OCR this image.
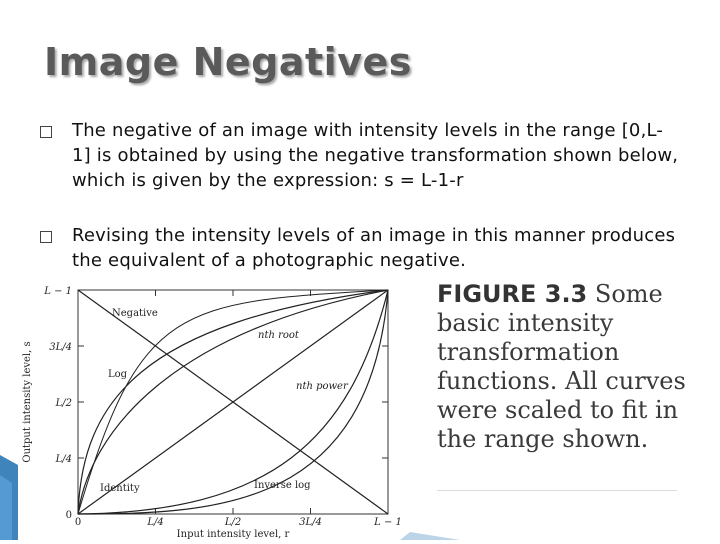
Image Negatives
The negative of an image with intensity levels in the range [0,L-1] is obtained by using the negative transformation shown below, which is given by the expression: s = L-1-r
Revising the intensity levels of an image in this manner produces the equivalent of a photographic negative.
Negative
nth root
Log
nth power
Identity	Inverse log
L − 1
3L/4
L/2
L/4
0
0	L/4	L/2	3L/4	L − 1
Input intensity level, r
Output intensity level, s
FIGURE 3.3 Some basic intensity transformation functions. All curves were scaled to fit in the range shown.
